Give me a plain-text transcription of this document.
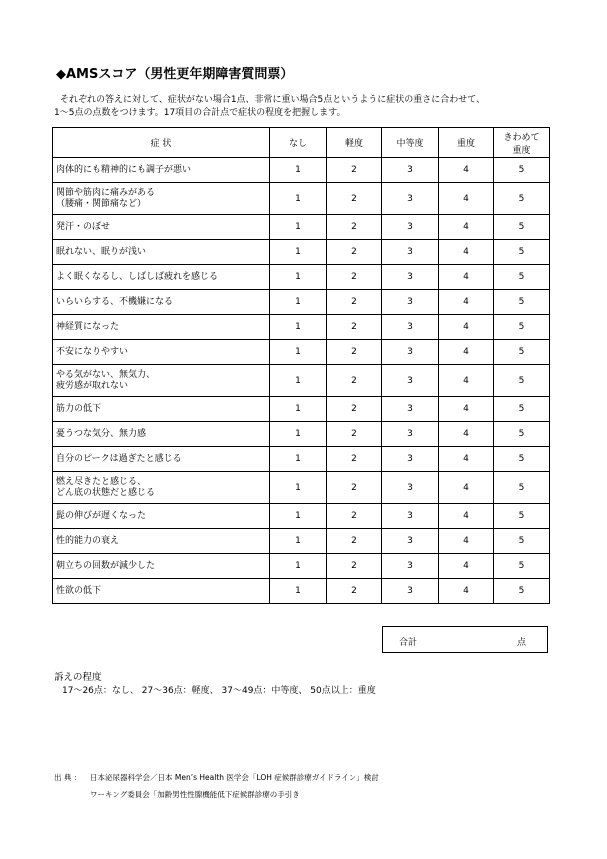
◆AMSスコア（男性更年期障害質問票）
それぞれの答えに対して、症状がない場合1点、非常に重い場合5点というように症状の重さに合わせて、
1～5点の点数をつけます。17項目の合計点で症状の程度を把握します。
症 状	なし	軽度	中等度	重度	きわめて
重度
肉体的にも精神的にも調子が悪い	1	2	3	4	5
関節や筋肉に痛みがある
（腰痛・関節痛など）	1	2	3	4	5
発汗・のぼせ	1	2	3	4	5
眠れない、眠りが浅い	1	2	3	4	5
よく眠くなるし、しばしば疲れを感じる	1	2	3	4	5
いらいらする、不機嫌になる	1	2	3	4	5
神経質になった	1	2	3	4	5
不安になりやすい	1	2	3	4	5
やる気がない、無気力、
疲労感が取れない	1	2	3	4	5
筋力の低下	1	2	3	4	5
憂うつな気分、無力感	1	2	3	4	5
自分のピークは過ぎたと感じる	1	2	3	4	5
燃え尽きたと感じる、
どん底の状態だと感じる	1	2	3	4	5
髭の伸びが遅くなった	1	2	3	4	5
性的能力の衰え	1	2	3	4	5
朝立ちの回数が減少した	1	2	3	4	5
性欲の低下	1	2	3	4	5
合計	点
訴えの程度
17～26点：なし、 27～36点：軽度、 37～49点：中等度、 50点以上：重度
出 典 ： 日本泌尿器科学会／日本 Men’s Health 医学会「LOH 症候群診療ガイドライン」検討
ワーキング委員会「加齢男性性腺機能低下症候群診療の手引き
